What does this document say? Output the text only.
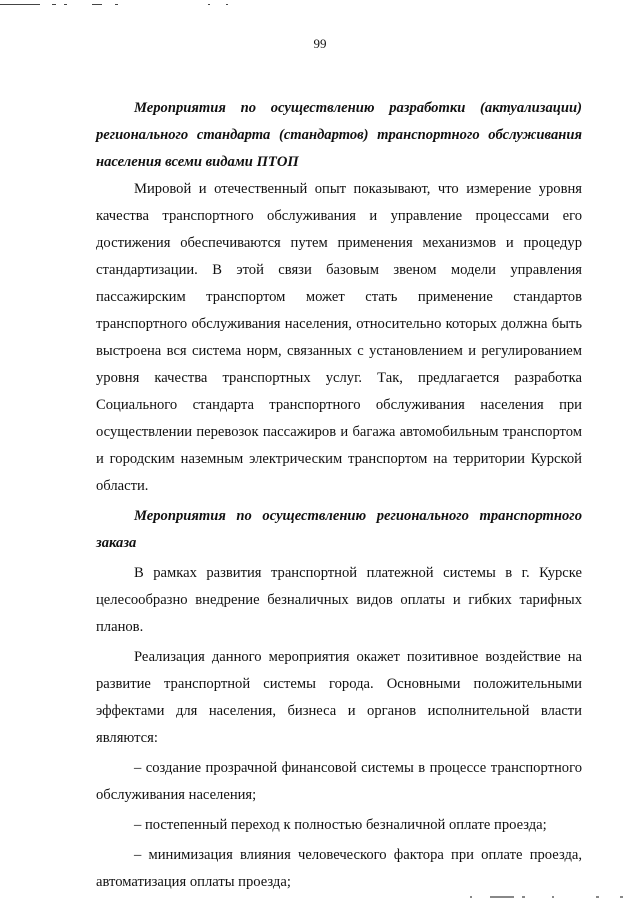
99

Мероприятия по осуществлению разработки (актуализации) регионального стандарта (стандартов) транспортного обслуживания населения всеми видами ПТОП

Мировой и отечественный опыт показывают, что измерение уровня качества транспортного обслуживания и управление процессами его достижения обеспечиваются путем применения механизмов и процедур стандартизации. В этой связи базовым звеном модели управления пассажирским транспортом может стать применение стандартов транспортного обслуживания населения, относительно которых должна быть выстроена вся система норм, связанных с установлением и регулированием уровня качества транспортных услуг. Так, предлагается разработка Социального стандарта транспортного обслуживания населения при осуществлении перевозок пассажиров и багажа автомобильным транспортом и городским наземным электрическим транспортом на территории Курской области.

Мероприятия по осуществлению регионального транспортного заказа

В рамках развития транспортной платежной системы в г. Курске целесообразно внедрение безналичных видов оплаты и гибких тарифных планов.

Реализация данного мероприятия окажет позитивное воздействие на развитие транспортной системы города. Основными положительными эффектами для населения, бизнеса и органов исполнительной власти являются:

– создание прозрачной финансовой системы в процессе транспортного обслуживания населения;

– постепенный переход к полностью безналичной оплате проезда;

– минимизация влияния человеческого фактора при оплате проезда, автоматизация оплаты проезда;
